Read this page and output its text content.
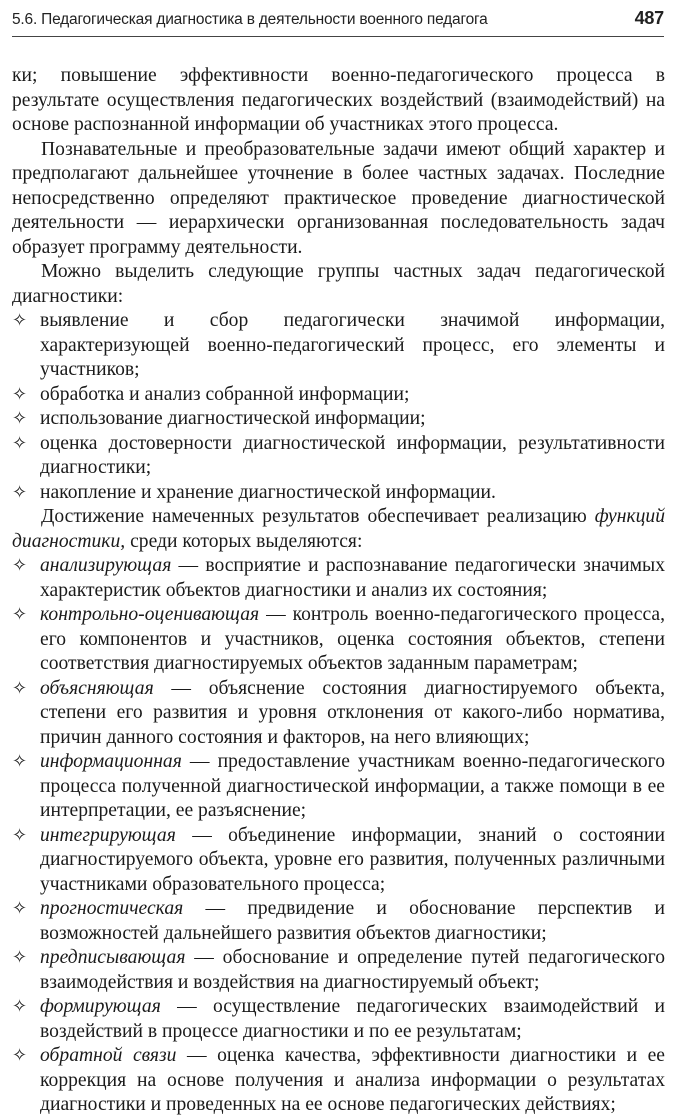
5.6. Педагогическая диагностика в деятельности военного педагога	487

ки; повышение эффективности военно-педагогического процесса в результате осуществления педагогических воздействий (взаимодействий) на основе распознанной информации об участниках этого процесса.

Познавательные и преобразовательные задачи имеют общий характер и предполагают дальнейшее уточнение в более частных задачах. Последние непосредственно определяют практическое проведение диагностической деятельности — иерархически организованная последовательность задач образует программу деятельности.

Можно выделить следующие группы частных задач педагогической диагностики:

✧ выявление и сбор педагогически значимой информации, характеризующей военно-педагогический процесс, его элементы и участников;
✧ обработка и анализ собранной информации;
✧ использование диагностической информации;
✧ оценка достоверности диагностической информации, результативности диагностики;
✧ накопление и хранение диагностической информации.

Достижение намеченных результатов обеспечивает реализацию функций диагностики, среди которых выделяются:

✧ анализирующая — восприятие и распознавание педагогически значимых характеристик объектов диагностики и анализ их состояния;
✧ контрольно-оценивающая — контроль военно-педагогического процесса, его компонентов и участников, оценка состояния объектов, степени соответствия диагностируемых объектов заданным параметрам;
✧ объясняющая — объяснение состояния диагностируемого объекта, степени его развития и уровня отклонения от какого-либо норматива, причин данного состояния и факторов, на него влияющих;
✧ информационная — предоставление участникам военно-педагогического процесса полученной диагностической информации, а также помощи в ее интерпретации, ее разъяснение;
✧ интегрирующая — объединение информации, знаний о состоянии диагностируемого объекта, уровне его развития, полученных различными участниками образовательного процесса;
✧ прогностическая — предвидение и обоснование перспектив и возможностей дальнейшего развития объектов диагностики;
✧ предписывающая — обоснование и определение путей педагогического взаимодействия и воздействия на диагностируемый объект;
✧ формирующая — осуществление педагогических взаимодействий и воздействий в процессе диагностики и по ее результатам;
✧ обратной связи — оценка качества, эффективности диагностики и ее коррекция на основе получения и анализа информации о результатах диагностики и проведенных на ее основе педагогических действиях;
